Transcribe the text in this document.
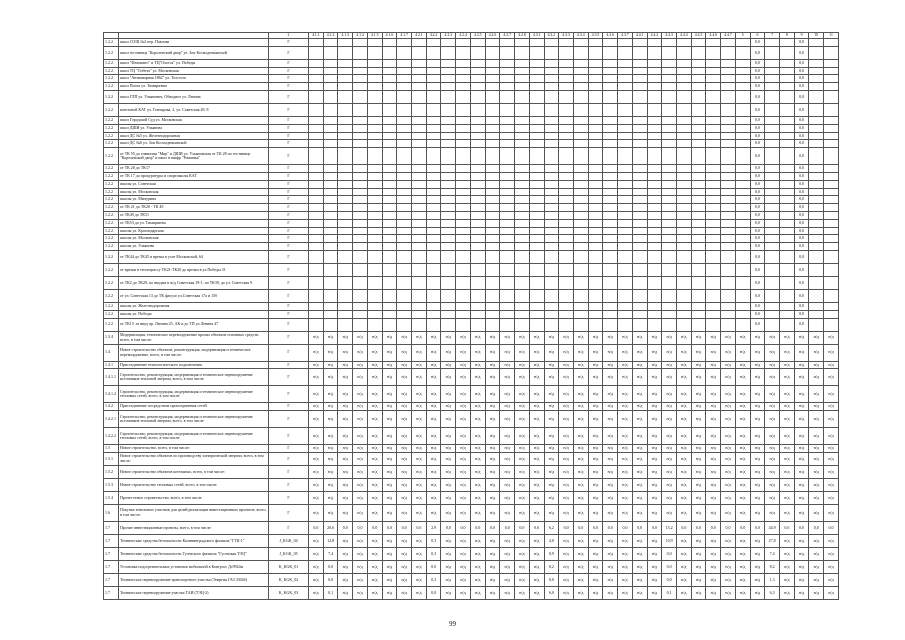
		2	4.1.1	4.1.2	4.1.3	4.1.4	4.1.5	4.1.6	4.1.7	4.2.1	4.2.2	4.2.3	4.2.4	4.2.5	4.2.6	4.2.7	4.2.8	4.3.1	4.3.2	4.3.3	4.3.4	4.3.5	4.3.6	4.3.7	4.4.1	4.4.2	4.4.3	4.4.4	4.4.5	4.4.6	4.4.7	5	6	7	8	9	10	11
1.2.2	школ СОШ №2 пер. Павлова	Г																															0,0			0,0		
1.2.2	школ гостиница "Королевский двор" ул. Зои Космодемьянской	Г																															0,0			0,0		
1.2.2	школ "Фламинго" и ТЦ"Охотск" ул. Победы	Г																															0,0			0,0		
1.2.2	школ ТЦ "Олбета" ул. Московская	Г																															0,0			0,0		
1.2.2	школ "Антикварная 1862" ул. Толстого	Г																															0,0			0,0		
1.2.2	школ Почта ул. Тимирязева	Г																															0,0			0,0		
1.2.2	школ ГЛП ул. Ульянович, Обводное ул. Ленина	Г																															0,0			0,0		
1.2.2	котельной КАТ ул. Гончарова, 2, ул. Советская 49, 8	Г																															0,0			0,0		
1.2.2	школ Городской Суд ул. Московская	Г																															0,0			0,0		
1.2.2	школ ДШИ ул. Ульянова	Г																															0,0			0,0		
1.2.2	школ ДС №5 ул. Железнодорожная	Г																															0,0			0,0		
1.2.2	школ ДС №6 ул. Зои Космодемьянской	Г																															0,0			0,0		
1.2.2	от ТК 55 до гимназии "Мир" и ДШИ ул. Ульяновская от ТК 28 по гостинице "Королевский двор" и школ в шифр "Ромашка"	Г																															0,0			0,0		
1.2.2	от ТК 20 до ТК17	Г																															0,0			0,0		
1.2.2	от ТК 17 до прокуратуры и спортшколы КАТ	Г																															0,0			0,0		
1.2.2	школы ул. Советская	Г																															0,0			0,0		
1.2.2	школы ул. Московская	Г																															0,0			0,0		
1.2.2	школы ул. Мичурина	Г																															0,0			0,0		
1.2.2	от ТК 21 до ТК20 - ТК 49	Г																															0,0			0,0		
1.2.2	от ТК49 до ТК51	Г																															0,0			0,0		
1.2.2	от ТК53 до ул. Тимирязева	Г																															0,0			0,0		
1.2.2	школы ул. Краснодарская	Г																															0,0			0,0		
1.2.2	школы ул. Московская	Г																															0,0			0,0		
1.2.2	школы ул. Ульянова	Г																															0,0			0,0		
1.2.2	от ТК44 до ТК45 и врезка в узле Московской, 64	Г																															0,0			0,0		
1.2.2	от врезки в теплотрассу ТК21-ТК20 до врезки в ул.Победы 31	Г																															0,0			0,0		
1.2.2	от ТК2 до ТК29, по вводам в ж/д Советская 19-1, по ТК39, до ул. Советская 9	Г																															0,0			0,0		
1.2.2	от ул. Советская 13 до ТК фасуло ул.Советская 17а и 15б	Г																															0,0			0,0		
1.2.2	школы ул. Железнодорожная	Г																															0,0			0,0		
1.2.2	школы ул. Победы	Г																															0,0			0,0		
1.2.2	от ТК13 .за ввод пр. Ленина 25, АК и до ТП ул.Ленина 47	Г																															0,0			0,0		
1.3.4	Модернизация, техническое перевооружение прочих объектов основных средств, всего, в том числе:	Г	н/д	н/д	н/д	н/д	н/д	н/д	н/д	н/д	н/д	н/д	н/д	н/д	н/д	н/д	н/д	н/д	н/д	н/д	н/д	н/д	н/д	н/д	н/д	н/д	н/д	н/д	н/д	н/д	н/д	н/д	н/д	н/д	н/д	н/д	н/д	н/д
1.4	Новое строительство объектов, реконструкция, модернизация и техническое перевооружение, всего, в том числе:	Г	н/д	н/д	н/д	н/д	н/д	н/д	н/д	н/д	н/д	н/д	н/д	н/д	н/д	н/д	н/д	н/д	н/д	н/д	н/д	н/д	н/д	н/д	н/д	н/д	н/д	н/д	н/д	н/д	н/д	н/д	н/д	н/д	н/д	н/д	н/д	н/д
1.4.1	Присоединение технологического подключения	Г	н/д	н/д	н/д	н/д	н/д	н/д	н/д	н/д	н/д	н/д	н/д	н/д	н/д	н/д	н/д	н/д	н/д	н/д	н/д	н/д	н/д	н/д	н/д	н/д	н/д	н/д	н/д	н/д	н/д	н/д	н/д	н/д	н/д	н/д	н/д	н/д
1.4.1.1	Строительство, реконструкция, модернизация и техническое перевооружение источников тепловой энергии, всего, в том числе:	Г	н/д	н/д	н/д	н/д	н/д	н/д	н/д	н/д	н/д	н/д	н/д	н/д	н/д	н/д	н/д	н/д	н/д	н/д	н/д	н/д	н/д	н/д	н/д	н/д	н/д	н/д	н/д	н/д	н/д	н/д	н/д	н/д	н/д	н/д	н/д	н/д
1.4.1.2	Строительство, реконструкция, модернизация и техническое перевооружение тепловых сетей, всего, в том числе:	Г	н/д	н/д	н/д	н/д	н/д	н/д	н/д	н/д	н/д	н/д	н/д	н/д	н/д	н/д	н/д	н/д	н/д	н/д	н/д	н/д	н/д	н/д	н/д	н/д	н/д	н/д	н/д	н/д	н/д	н/д	н/д	н/д	н/д	н/д	н/д	н/д
1.4.2	Присоединение посредством присоединения сетей	Г	н/д	н/д	н/д	н/д	н/д	н/д	н/д	н/д	н/д	н/д	н/д	н/д	н/д	н/д	н/д	н/д	н/д	н/д	н/д	н/д	н/д	н/д	н/д	н/д	н/д	н/д	н/д	н/д	н/д	н/д	н/д	н/д	н/д	н/д	н/д	н/д
1.4.2.1	Строительство, реконструкция, модернизация и техническое перевооружение источников тепловой энергии, всего, в том числе:	Г	н/д	н/д	н/д	н/д	н/д	н/д	н/д	н/д	н/д	н/д	н/д	н/д	н/д	н/д	н/д	н/д	н/д	н/д	н/д	н/д	н/д	н/д	н/д	н/д	н/д	н/д	н/д	н/д	н/д	н/д	н/д	н/д	н/д	н/д	н/д	н/д
1.4.2.2	Строительство, реконструкция, модернизация и техническое перевооружение тепловых сетей, всего, в том числе:	Г	н/д	н/д	н/д	н/д	н/д	н/д	н/д	н/д	н/д	н/д	н/д	н/д	н/д	н/д	н/д	н/д	н/д	н/д	н/д	н/д	н/д	н/д	н/д	н/д	н/д	н/д	н/д	н/д	н/д	н/д	н/д	н/д	н/д	н/д	н/д	н/д
1.5	Новое строительство, всего, в том числе:	Г	н/д	н/д	н/д	н/д	н/д	н/д	н/д	н/д	н/д	н/д	н/д	н/д	н/д	н/д	н/д	н/д	н/д	н/д	н/д	н/д	н/д	н/д	н/д	н/д	н/д	н/д	н/д	н/д	н/д	н/д	н/д	н/д	н/д	н/д	н/д	н/д
1.5.1	Новое строительство объектов по производству электрической энергии, всего, в том числе:	Г	н/д	н/д	н/д	н/д	н/д	н/д	н/д	н/д	н/д	н/д	н/д	н/д	н/д	н/д	н/д	н/д	н/д	н/д	н/д	н/д	н/д	н/д	н/д	н/д	н/д	н/д	н/д	н/д	н/д	н/д	н/д	н/д	н/д	н/д	н/д	н/д
1.5.2	Новое строительство объектов котельных, всего, в том числе:	Г	н/д	н/д	н/д	н/д	н/д	н/д	н/д	н/д	н/д	н/д	н/д	н/д	н/д	н/д	н/д	н/д	н/д	н/д	н/д	н/д	н/д	н/д	н/д	н/д	н/д	н/д	н/д	н/д	н/д	н/д	н/д	н/д	н/д	н/д	н/д	н/д
1.5.3	Новое строительство тепловых сетей, всего, в том числе:	Г	н/д	н/д	н/д	н/д	н/д	н/д	н/д	н/д	н/д	н/д	н/д	н/д	н/д	н/д	н/д	н/д	н/д	н/д	н/д	н/д	н/д	н/д	н/д	н/д	н/д	н/д	н/д	н/д	н/д	н/д	н/д	н/д	н/д	н/д	н/д	н/д
1.5.4	Прочее новое строительство, всего, в том числе:	Г	н/д	н/д	н/д	н/д	н/д	н/д	н/д	н/д	н/д	н/д	н/д	н/д	н/д	н/д	н/д	н/д	н/д	н/д	н/д	н/д	н/д	н/д	н/д	н/д	н/д	н/д	н/д	н/д	н/д	н/д	н/д	н/д	н/д	н/д	н/д	н/д
1.6	Покупка земельных участков для целей реализации инвестиционных проектов, всего, в том числе:	Г	н/д	н/д	н/д	н/д	н/д	н/д	н/д	н/д	н/д	н/д	н/д	н/д	н/д	н/д	н/д	н/д	н/д	н/д	н/д	н/д	н/д	н/д	н/д	н/д	н/д	н/д	н/д	н/д	н/д	н/д	н/д	н/д	н/д	н/д	н/д	н/д
1.7	Прочие инвестиционные проекты, всего, в том числе:	Г	0,0	20,6	0,0	0,0	0,0	0,0	0,0	0,0	2,9	0,0	0,0	0,0	0,0	0,0	0,0	0,0	6,2	0,0	0,0	0,0	0,0	0,0	0,0	0,0	15,2	0,0	0,0	0,0	0,0	0,0	0,0	44,9	0,0	0,0	0,0	0,0
1.7	Технические средства безопасности Калининградского филиала "ГТК-1"	J_KGK_04	н/д	12,8	н/д	н/д	н/д	н/д	н/д	н/д	0,3	н/д	н/д	н/д	н/д	н/д	н/д	н/д	4,0	н/д	н/д	н/д	н/д	н/д	н/д	н/д	10,9	н/д	н/д	н/д	н/д	н/д	н/д	27,8	н/д	н/д	н/д	н/д
1.7	Технические средства безопасности Гусевского филиала "Гусевская ТЭЦ"	J_KGK_05	н/д	7,4	н/д	н/д	н/д	н/д	н/д	н/д	0,3	н/д	н/д	н/д	н/д	н/д	н/д	н/д	0,9	н/д	н/д	н/д	н/д	н/д	н/д	н/д	0,0	н/д	н/д	н/д	н/д	н/д	н/д	7,4	н/д	н/д	н/д	н/д
1.7	Установка подогревательных установок мобильной в Конгрэсс Дс9924м	K_KGK_01	н/д	0,0	н/д	н/д	н/д	н/д	н/д	н/д	0,0	н/д	н/д	н/д	н/д	н/д	н/д	н/д	8,2	н/д	н/д	н/д	н/д	н/д	н/д	н/д	0,0	н/д	н/д	н/д	н/д	н/д	н/д	8,2	н/д	н/д	н/д	н/д
1.7	Техническое перевооружение транспортного участка (Энергия ГАЗ 33026)	K_KGK_02	н/д	0,0	н/д	н/д	н/д	н/д	н/д	н/д	0,3	н/д	н/д	н/д	н/д	н/д	н/д	н/д	0,0	н/д	н/д	н/д	н/д	н/д	н/д	н/д	0,0	н/д	н/д	н/д	н/д	н/д	н/д	1,3	н/д	н/д	н/д	н/д
1.7	Техническое перевооружение участка ТАИ (ТЭЦ-2)	K_KGK_03	н/д	0,1	н/д	н/д	н/д	н/д	н/д	н/д	0,0	н/д	н/д	н/д	н/д	н/д	н/д	н/д	6,0	н/д	н/д	н/д	н/д	н/д	н/д	н/д	0,1	н/д	н/д	н/д	н/д	н/д	н/д	6,3	н/д	н/д	н/д	н/д
99
